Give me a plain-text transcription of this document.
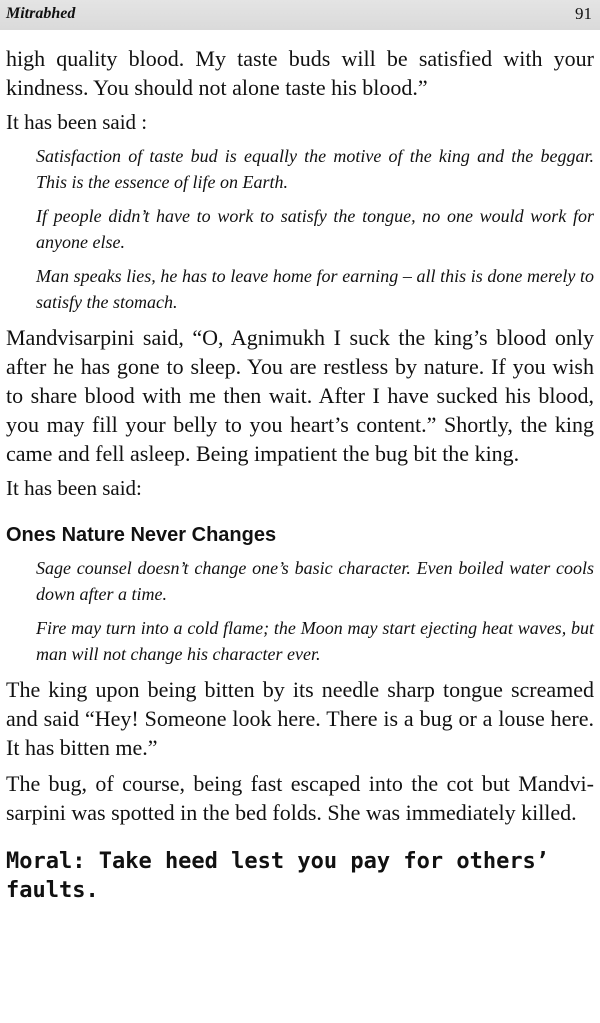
Mitrabhed	91

high quality blood. My taste buds will be satisfied with your kindness. You should not alone taste his blood.”

It has been said :

Satisfaction of taste bud is equally the motive of the king and the beggar. This is the essence of life on Earth.

If people didn’t have to work to satisfy the tongue, no one would work for anyone else.

Man speaks lies, he has to leave home for earning – all this is done merely to satisfy the stomach.

Mandvisarpini said, “O, Agnimukh I suck the king’s blood only after he has gone to sleep. You are restless by nature. If you wish to share blood with me then wait. After I have sucked his blood, you may fill your belly to you heart’s content.” Shortly, the king came and fell asleep. Being impatient the bug bit the king.

It has been said:

Ones Nature Never Changes

Sage counsel doesn’t change one’s basic character. Even boiled water cools down after a time.

Fire may turn into a cold flame; the Moon may start ejecting heat waves, but man will not change his character ever.

The king upon being bitten by its needle sharp tongue screamed and said “Hey! Someone look here. There is a bug or a louse here. It has bitten me.”

The bug, of course, being fast escaped into the cot but Mandvi-sarpini was spotted in the bed folds. She was immediately killed.

Moral: Take heed lest you pay for others’ faults.
